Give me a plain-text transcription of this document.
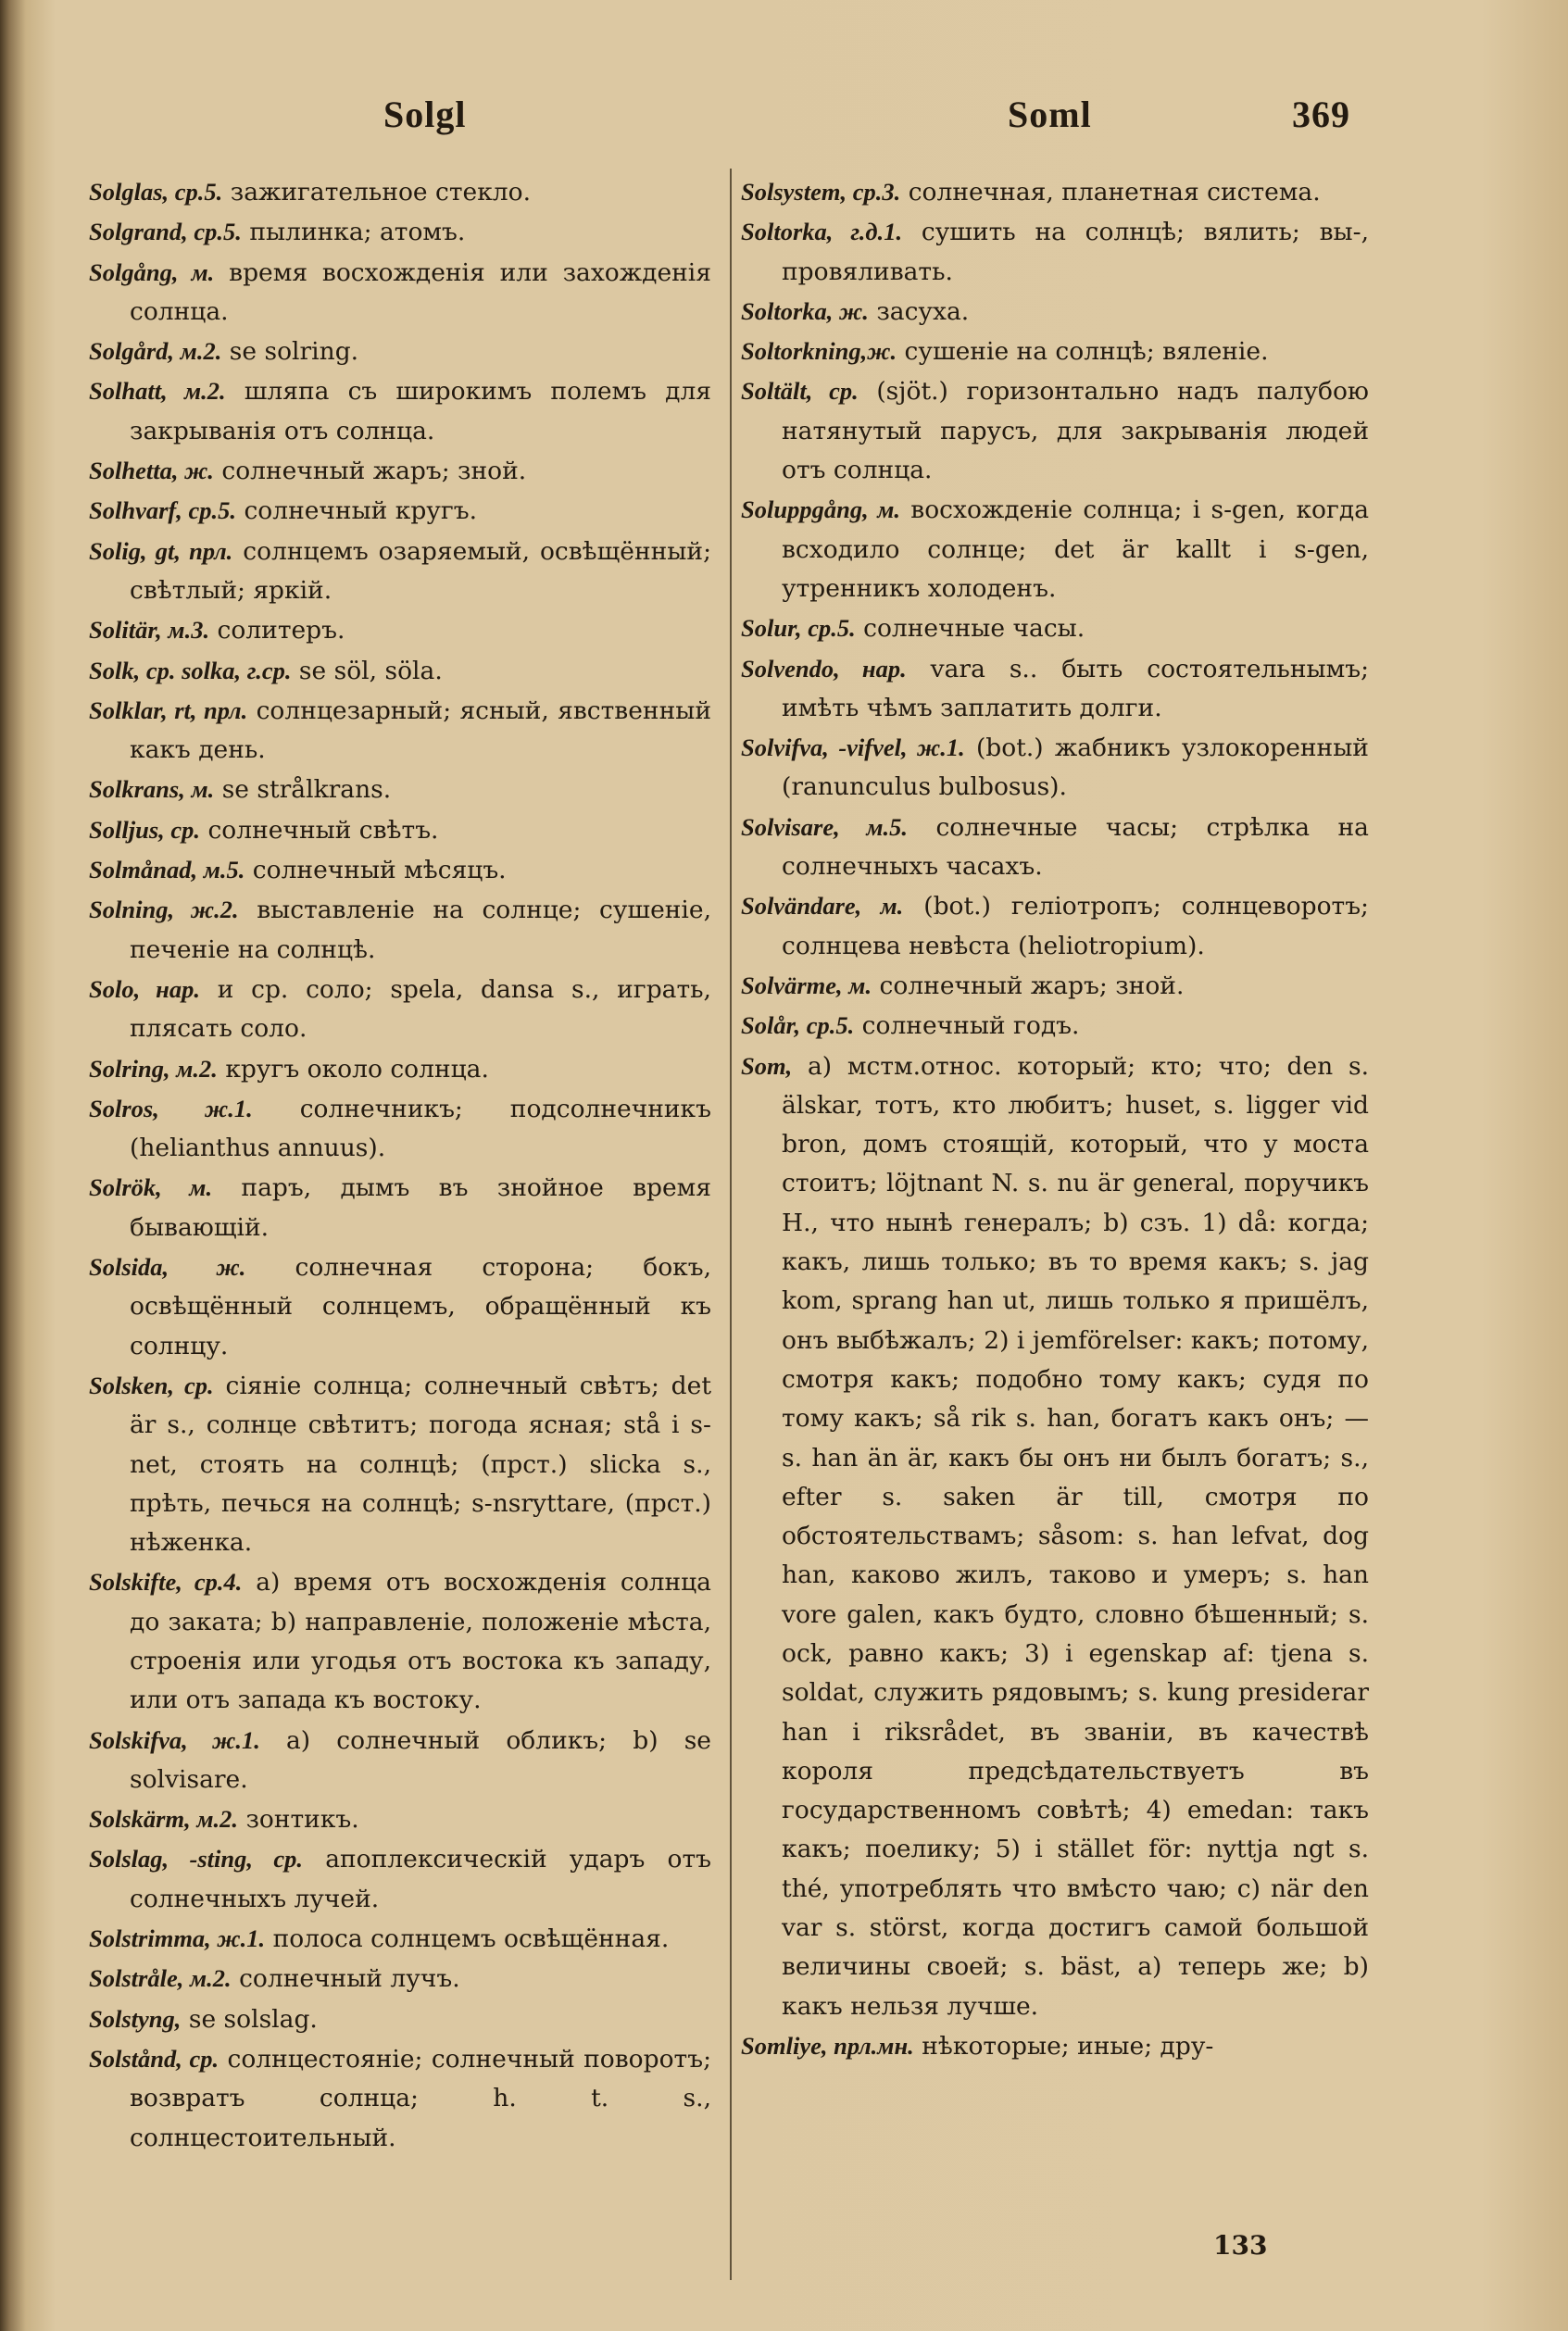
Solgl	Soml	369

Solglas, ср.5. зажигательное стекло.

Solgrand, ср.5. пылинка; атомъ.

Solgång, м. время восхожденія или захожденія солнца.

Solgård, м.2. se solring.

Solhatt, м.2. шляпа съ широкимъ полемъ для закрыванія отъ солнца.

Solhetta, ж. солнечный жаръ; зной.

Solhvarf, ср.5. солнечный кругъ.

Solig, gt, прл. солнцемъ озаряемый, освѣщённый; свѣтлый; яркій.

Solitär, м.3. солитеръ.

Solk, ср. solka, г.ср. se söl, söla.

Solklar, rt, прл. солнцезарный; ясный, явственный какъ день.

Solkrans, м. se strålkrans.

Solljus, ср. солнечный свѣтъ.

Solmånad, м.5. солнечный мѣсяцъ.

Solning, ж.2. выставленіе на солнце; сушеніе, печеніе на солнцѣ.

Solo, нар. и ср. соло; spela, dansa s., играть, плясать соло.

Solring, м.2. кругъ около солнца.

Solros, ж.1. солнечникъ; подсолнечникъ (helianthus annuus).

Solrök, м. паръ, дымъ въ знойное время бывающій.

Solsida, ж. солнечная сторона; бокъ, освѣщённый солнцемъ, обращённый къ солнцу.

Solsken, ср. сіяніе солнца; солнечный свѣтъ; det är s., солнце свѣтитъ; погода ясная; stå i s-net, стоять на солнцѣ; (прст.) slicka s., прѣть, печься на солнцѣ; s-nsryttare, (прст.) нѣженка.

Solskifte, ср.4. a) время отъ восхожденія солнца до заката; b) направленіе, положеніе мѣста, строенія или угодья отъ востока къ западу, или отъ запада къ востоку.

Solskifva, ж.1. a) солнечный обликъ; b) se solvisare.

Solskärm, м.2. зонтикъ.

Solslag, -sting, ср. апоплексическій ударъ отъ солнечныхъ лучей.

Solstrimma, ж.1. полоса солнцемъ освѣщённая.

Solstråle, м.2. солнечный лучъ.

Solstyng, se solslag.

Solstånd, ср. солнцестояніе; солнечный поворотъ; возвратъ солнца; h. t. s., солнцестоительный.

Solsystem, ср.3. солнечная, планетная система.

Soltorka, г.д.1. сушить на солнцѣ; вялить; вы-, провяливать.

Soltorka, ж. засуха.

Soltorkning,ж. сушеніе на солнцѣ; вяленіе.

Soltält, ср. (sjöt.) горизонтально надъ палубою натянутый парусъ, для закрыванія людей отъ солнца.

Soluppgång, м. восхожденіе солнца; i s-gen, когда всходило солнце; det är kallt i s-gen, утренникъ холоденъ.

Solur, ср.5. солнечные часы.

Solvendo, нар. vara s.. быть состоятельнымъ; имѣть чѣмъ заплатить долги.

Solvifva, -vifvel, ж.1. (bot.) жабникъ узлокоренный (ranunculus bulbosus).

Solvisare, м.5. солнечные часы; стрѣлка на солнечныхъ часахъ.

Solvändare, м. (bot.) геліотропъ; солнцеворотъ; солнцева невѣста (heliotropium).

Solvärme, м. солнечный жаръ; зной.

Solår, ср.5. солнечный годъ.

Som, a) мстм.относ. который; кто; что; den s. älskar, тотъ, кто любитъ; huset, s. ligger vid bron, домъ стоящій, который, что у моста стоитъ; löjtnant N. s. nu är general, поручикъ Н., что нынѣ генералъ; b) сзъ. 1) då: когда; какъ, лишь только; въ то время какъ; s. jag kom, sprang han ut, лишь только я пришёлъ, онъ выбѣжалъ; 2) i jemförelser: какъ; потому, смотря какъ; подобно тому какъ; судя по тому какъ; så rik s. han, богатъ какъ онъ; — s. han än är, какъ бы онъ ни былъ богатъ; s., efter s. saken är till, смотря по обстоятельствамъ; såsom: s. han lefvat, dog han, каково жилъ, таково и умеръ; s. han vore galen, какъ будто, словно бѣшенный; s. ock, равно какъ; 3) i egenskap af: tjena s. soldat, служить рядовымъ; s. kung presiderar han i riksrådet, въ званіи, въ качествѣ короля предсѣдательствуетъ въ государственномъ совѣтѣ; 4) emedan: такъ какъ; поелику; 5) i stället för: nyttja ngt s. thé, употреблять что вмѣсто чаю; c) när den var s. störst, когда достигъ самой большой величины своей; s. bäst, a) теперь же; b) какъ нельзя лучше.

Somliye, прл.мн. нѣкоторые; иные; дру-

133
